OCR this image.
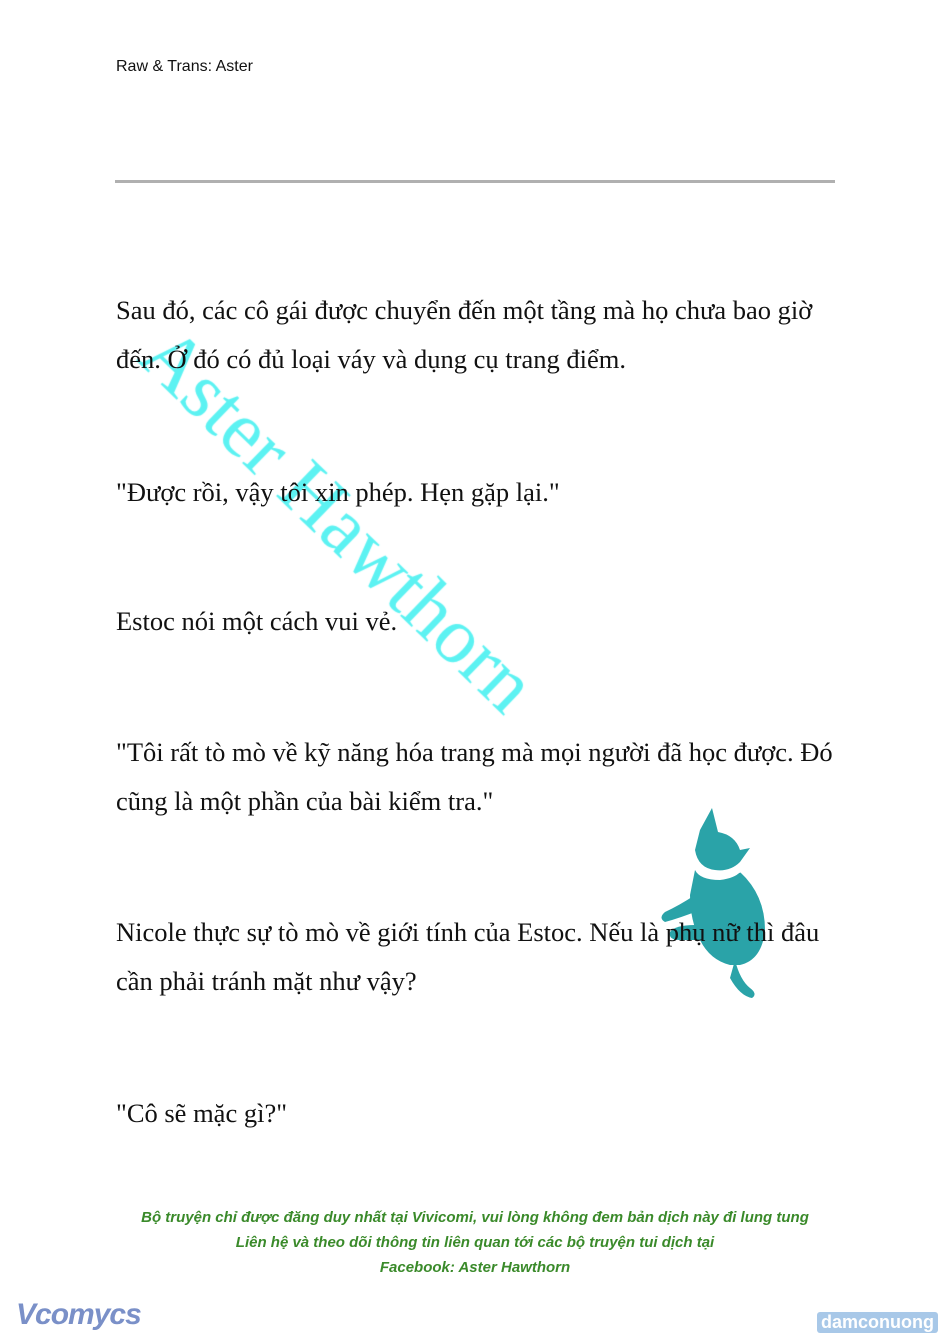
Raw & Trans: Aster
Sau đó, các cô gái được chuyển đến một tầng mà họ chưa bao giờ đến. Ở đó có đủ loại váy và dụng cụ trang điểm.
"Được rồi, vậy tôi xin phép. Hẹn gặp lại."
Estoc nói một cách vui vẻ.
"Tôi rất tò mò về kỹ năng hóa trang mà mọi người đã học được. Đó cũng là một phần của bài kiểm tra."
Nicole thực sự tò mò về giới tính của Estoc. Nếu là phụ nữ thì đâu cần phải tránh mặt như vậy?
"Cô sẽ mặc gì?"
Bộ truyện chỉ được đăng duy nhất tại Vivicomi, vui lòng không đem bản dịch này đi lung tung
Liên hệ và theo dõi thông tin liên quan tới các bộ truyện tui dịch tại
Facebook: Aster Hawthorn
Vcomycs	damconuong
